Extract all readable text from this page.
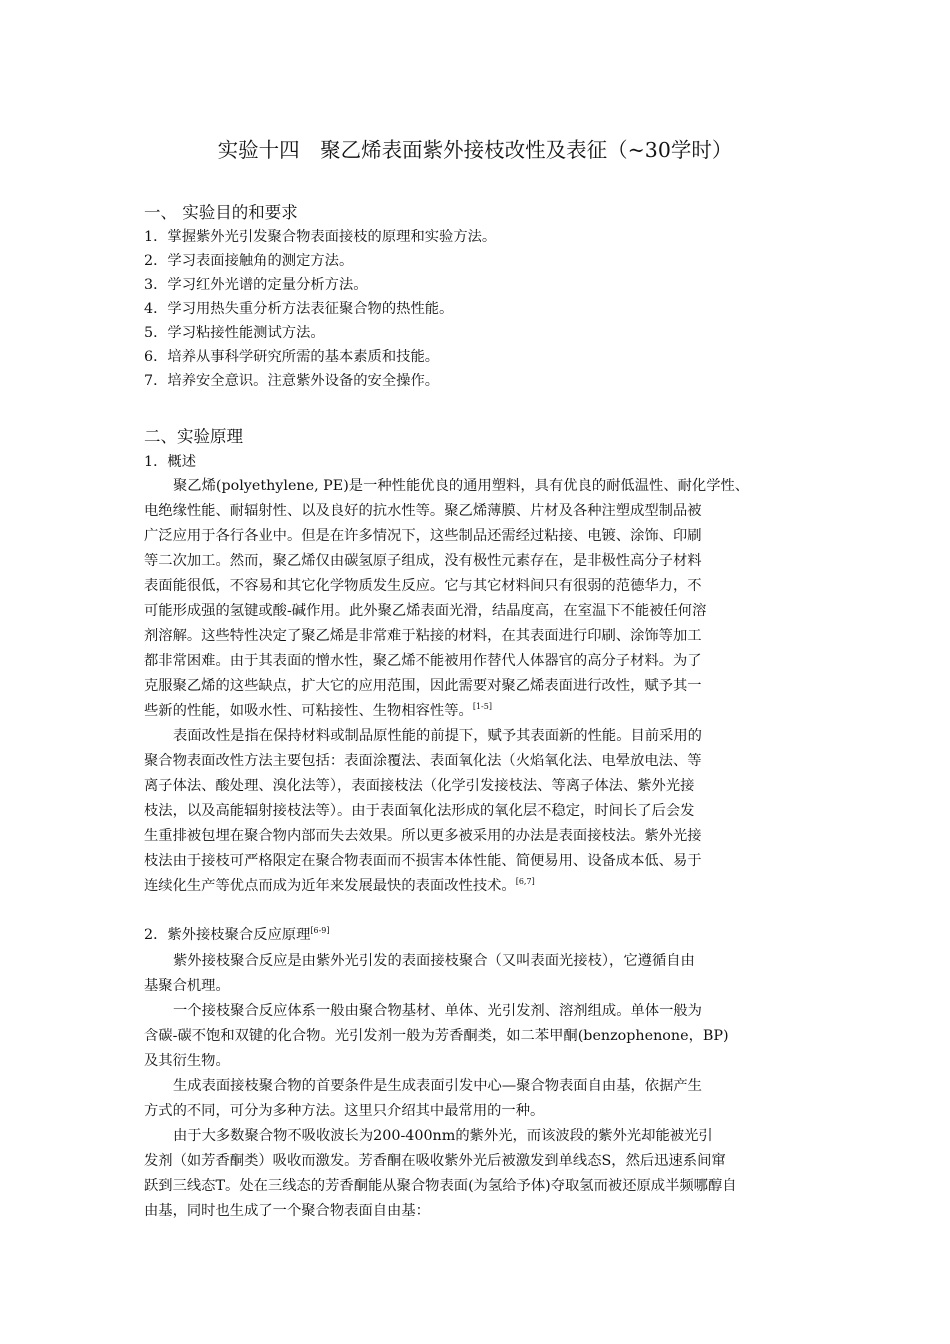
实验十四　聚乙烯表面紫外接枝改性及表征（~30学时）
一、 实验目的和要求
1．掌握紫外光引发聚合物表面接枝的原理和实验方法。
2．学习表面接触角的测定方法。
3．学习红外光谱的定量分析方法。
4．学习用热失重分析方法表征聚合物的热性能。
5．学习粘接性能测试方法。
6．培养从事科学研究所需的基本素质和技能。
7．培养安全意识。注意紫外设备的安全操作。
二、实验原理
1．概述
聚乙烯(polyethylene, PE)是一种性能优良的通用塑料，具有优良的耐低温性、耐化学性、
电绝缘性能、耐辐射性、以及良好的抗水性等。聚乙烯薄膜、片材及各种注塑成型制品被
广泛应用于各行各业中。但是在许多情况下，这些制品还需经过粘接、电镀、涂饰、印刷
等二次加工。然而，聚乙烯仅由碳氢原子组成，没有极性元素存在，是非极性高分子材料
表面能很低，不容易和其它化学物质发生反应。它与其它材料间只有很弱的范德华力，不
可能形成强的氢键或酸-碱作用。此外聚乙烯表面光滑，结晶度高，在室温下不能被任何溶
剂溶解。这些特性决定了聚乙烯是非常难于粘接的材料，在其表面进行印刷、涂饰等加工
都非常困难。由于其表面的憎水性，聚乙烯不能被用作替代人体器官的高分子材料。为了
克服聚乙烯的这些缺点，扩大它的应用范围，因此需要对聚乙烯表面进行改性，赋予其一
些新的性能，如吸水性、可粘接性、生物相容性等。[1-5]
表面改性是指在保持材料或制品原性能的前提下，赋予其表面新的性能。目前采用的
聚合物表面改性方法主要包括：表面涂覆法、表面氧化法（火焰氧化法、电晕放电法、等
离子体法、酸处理、溴化法等），表面接枝法（化学引发接枝法、等离子体法、紫外光接
枝法，以及高能辐射接枝法等）。由于表面氧化法形成的氧化层不稳定，时间长了后会发
生重排被包埋在聚合物内部而失去效果。所以更多被采用的办法是表面接枝法。紫外光接
枝法由于接枝可严格限定在聚合物表面而不损害本体性能、简便易用、设备成本低、易于
连续化生产等优点而成为近年来发展最快的表面改性技术。[6,7]
2．紫外接枝聚合反应原理[6-9]
紫外接枝聚合反应是由紫外光引发的表面接枝聚合（又叫表面光接枝），它遵循自由
基聚合机理。
一个接枝聚合反应体系一般由聚合物基材、单体、光引发剂、溶剂组成。单体一般为
含碳-碳不饱和双键的化合物。光引发剂一般为芳香酮类，如二苯甲酮(benzophenone，BP)
及其衍生物。
生成表面接枝聚合物的首要条件是生成表面引发中心—聚合物表面自由基，依据产生
方式的不同，可分为多种方法。这里只介绍其中最常用的一种。
由于大多数聚合物不吸收波长为200-400nm的紫外光，而该波段的紫外光却能被光引
发剂（如芳香酮类）吸收而激发。芳香酮在吸收紫外光后被激发到单线态S，然后迅速系间窜
跃到三线态T。处在三线态的芳香酮能从聚合物表面(为氢给予体)夺取氢而被还原成半频哪醇自
由基，同时也生成了一个聚合物表面自由基：
